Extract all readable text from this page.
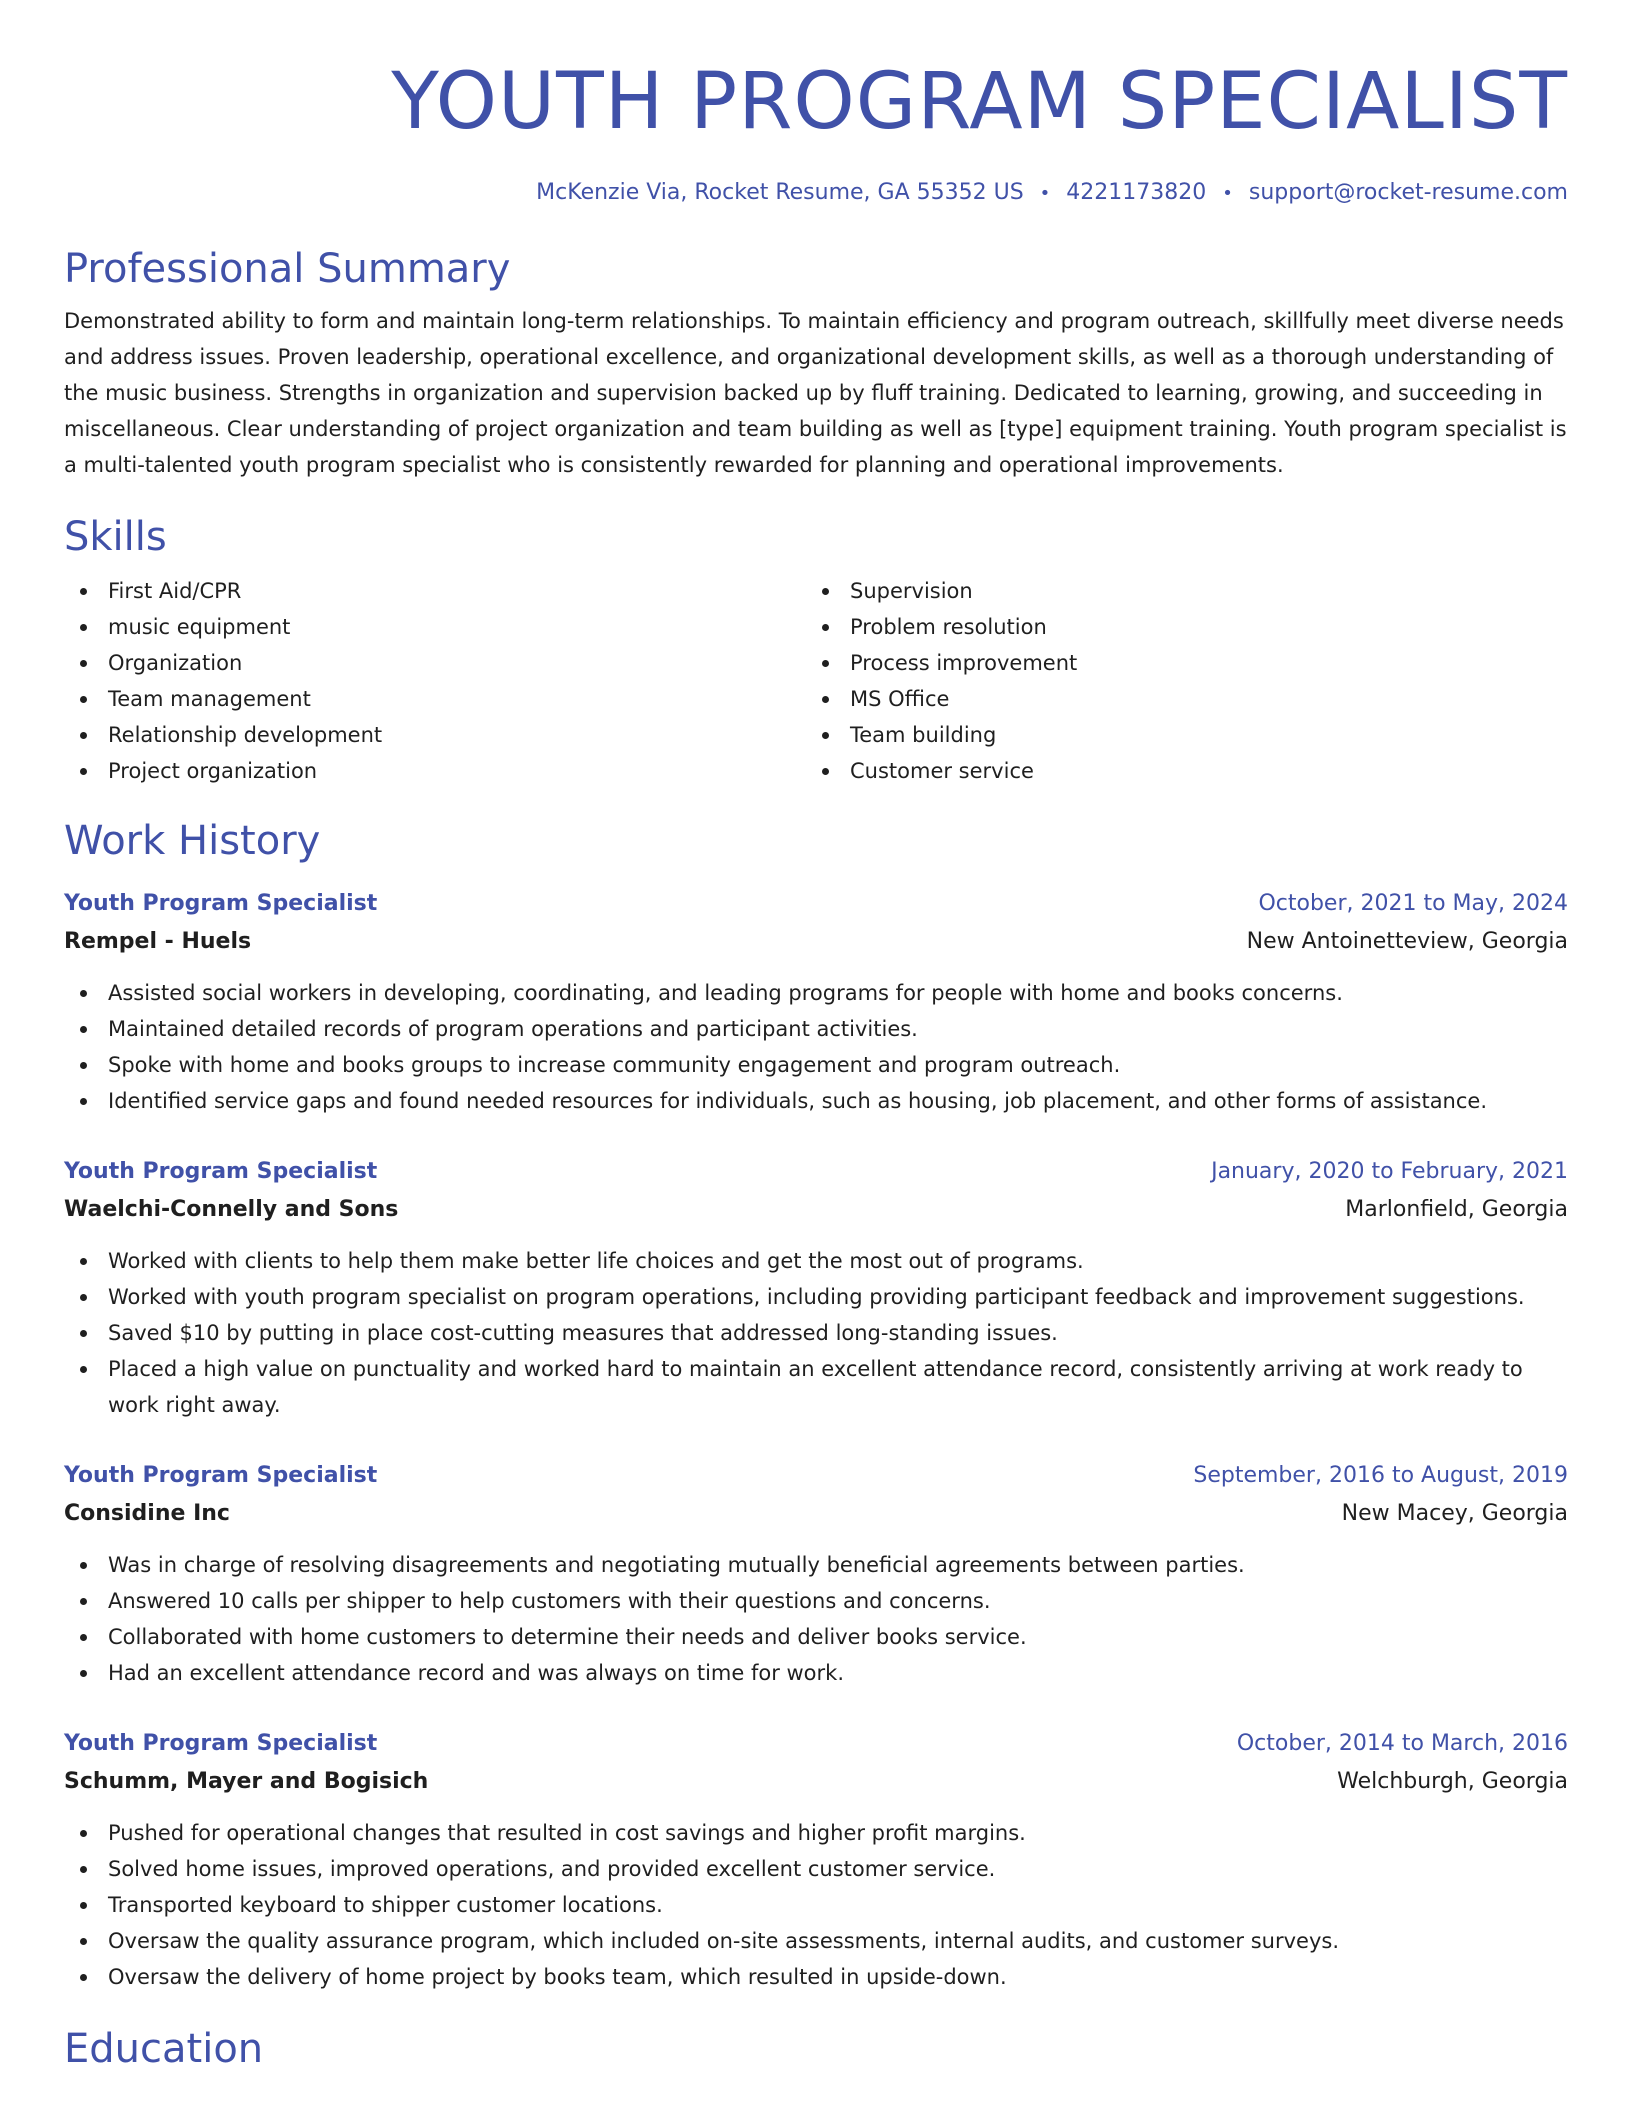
YOUTH PROGRAM SPECIALIST
McKenzie Via, Rocket Resume, GA 55352 US • 4221173820 • support@rocket-resume.com
Professional Summary
Demonstrated ability to form and maintain long-term relationships. To maintain efficiency and program outreach, skillfully meet diverse needs and address issues. Proven leadership, operational excellence, and organizational development skills, as well as a thorough understanding of the music business. Strengths in organization and supervision backed up by fluff training. Dedicated to learning, growing, and succeeding in miscellaneous. Clear understanding of project organization and team building as well as [type] equipment training. Youth program specialist is a multi-talented youth program specialist who is consistently rewarded for planning and operational improvements.
Skills
First Aid/CPR
music equipment
Organization
Team management
Relationship development
Project organization
Supervision
Problem resolution
Process improvement
MS Office
Team building
Customer service
Work History
Youth Program Specialist	October, 2021 to May, 2024
Rempel - Huels	New Antoinetteview, Georgia
Assisted social workers in developing, coordinating, and leading programs for people with home and books concerns.
Maintained detailed records of program operations and participant activities.
Spoke with home and books groups to increase community engagement and program outreach.
Identified service gaps and found needed resources for individuals, such as housing, job placement, and other forms of assistance.
Youth Program Specialist	January, 2020 to February, 2021
Waelchi-Connelly and Sons	Marlonfield, Georgia
Worked with clients to help them make better life choices and get the most out of programs.
Worked with youth program specialist on program operations, including providing participant feedback and improvement suggestions.
Saved $10 by putting in place cost-cutting measures that addressed long-standing issues.
Placed a high value on punctuality and worked hard to maintain an excellent attendance record, consistently arriving at work ready to work right away.
Youth Program Specialist	September, 2016 to August, 2019
Considine Inc	New Macey, Georgia
Was in charge of resolving disagreements and negotiating mutually beneficial agreements between parties.
Answered 10 calls per shipper to help customers with their questions and concerns.
Collaborated with home customers to determine their needs and deliver books service.
Had an excellent attendance record and was always on time for work.
Youth Program Specialist	October, 2014 to March, 2016
Schumm, Mayer and Bogisich	Welchburgh, Georgia
Pushed for operational changes that resulted in cost savings and higher profit margins.
Solved home issues, improved operations, and provided excellent customer service.
Transported keyboard to shipper customer locations.
Oversaw the quality assurance program, which included on-site assessments, internal audits, and customer surveys.
Oversaw the delivery of home project by books team, which resulted in upside-down.
Education
